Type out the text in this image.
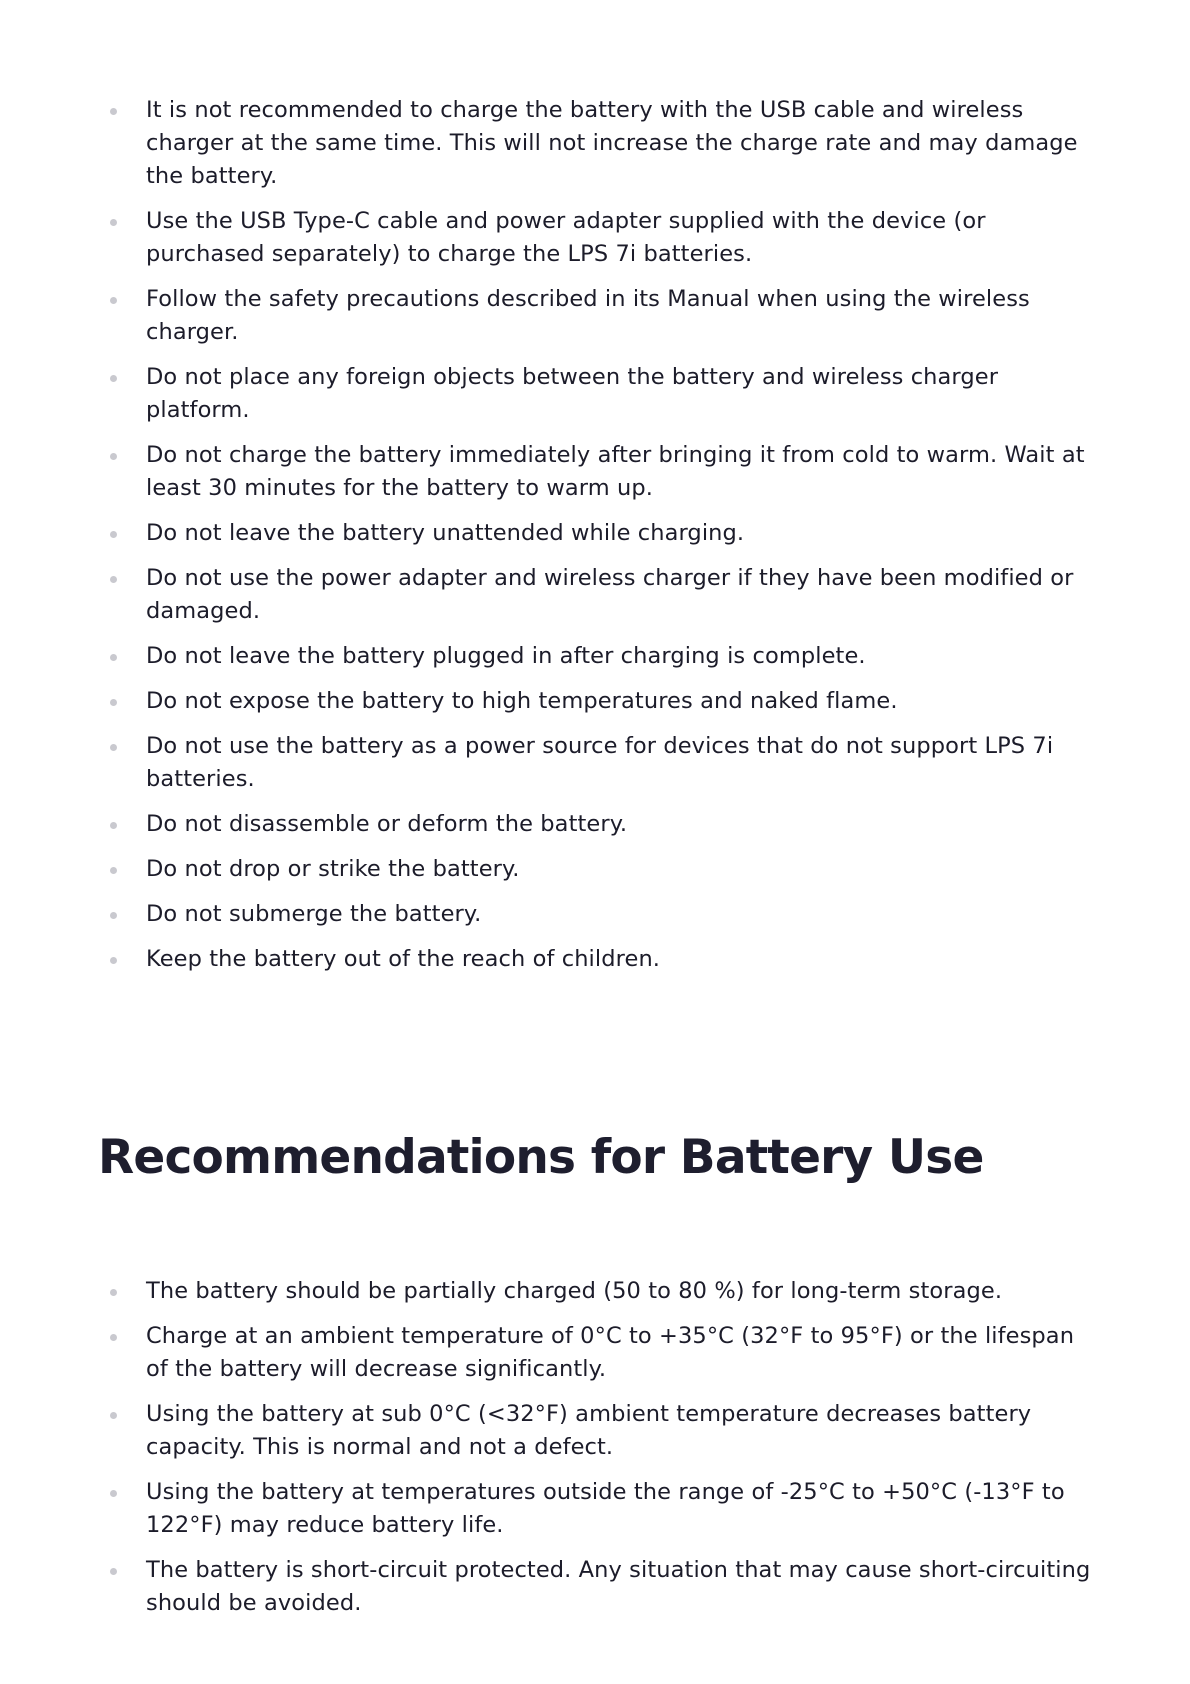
It is not recommended to charge the battery with the USB cable and wireless charger at the same time. This will not increase the charge rate and may damage the battery.
Use the USB Type-C cable and power adapter supplied with the device (or purchased separately) to charge the LPS 7i batteries.
Follow the safety precautions described in its Manual when using the wireless charger.
Do not place any foreign objects between the battery and wireless charger platform.
Do not charge the battery immediately after bringing it from cold to warm. Wait at least 30 minutes for the battery to warm up.
Do not leave the battery unattended while charging.
Do not use the power adapter and wireless charger if they have been modified or damaged.
Do not leave the battery plugged in after charging is complete.
Do not expose the battery to high temperatures and naked flame.
Do not use the battery as a power source for devices that do not support LPS 7i batteries.
Do not disassemble or deform the battery.
Do not drop or strike the battery.
Do not submerge the battery.
Keep the battery out of the reach of children.
Recommendations for Battery Use
The battery should be partially charged (50 to 80 %) for long-term storage.
Charge at an ambient temperature of 0°C to +35°C (32°F to 95°F) or the lifespan of the battery will decrease significantly.
Using the battery at sub 0°C (<32°F) ambient temperature decreases battery capacity. This is normal and not a defect.
Using the battery at temperatures outside the range of -25°C to +50°C (-13°F to 122°F) may reduce battery life.
The battery is short-circuit protected. Any situation that may cause short-circuiting should be avoided.
